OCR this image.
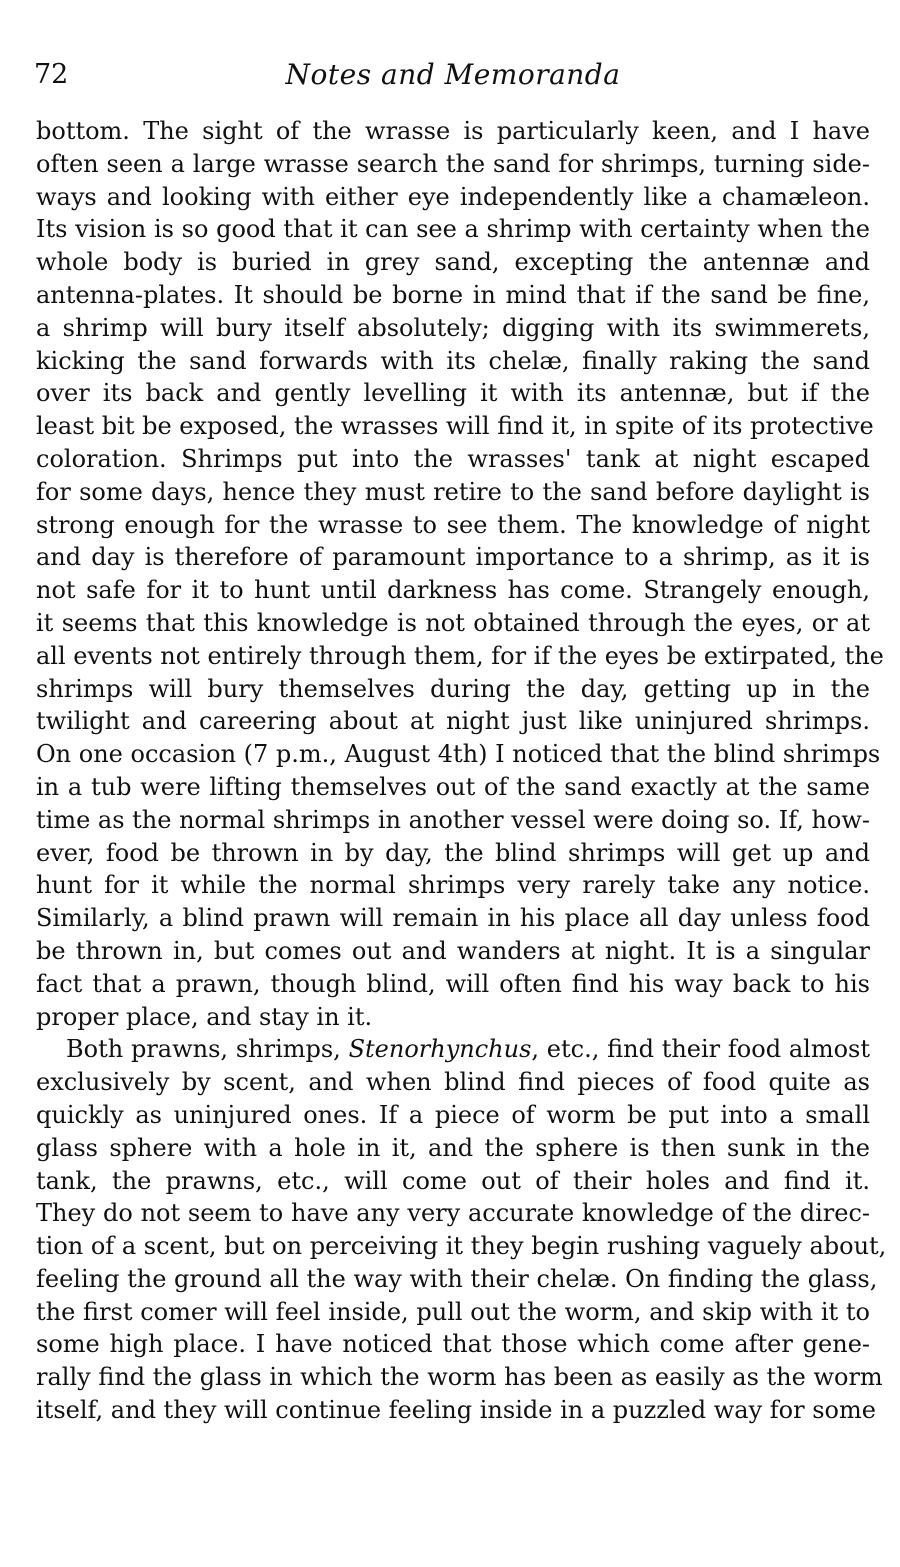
72	Notes and Memoranda
bottom. The sight of the wrasse is particularly keen, and I have
often seen a large wrasse search the sand for shrimps, turning side-
ways and looking with either eye independently like a chamæleon.
Its vision is so good that it can see a shrimp with certainty when the
whole body is buried in grey sand, excepting the antennæ and
antenna-plates. It should be borne in mind that if the sand be fine,
a shrimp will bury itself absolutely; digging with its swimmerets,
kicking the sand forwards with its chelæ, finally raking the sand
over its back and gently levelling it with its antennæ, but if the
least bit be exposed, the wrasses will find it, in spite of its protective
coloration. Shrimps put into the wrasses' tank at night escaped
for some days, hence they must retire to the sand before daylight is
strong enough for the wrasse to see them. The knowledge of night
and day is therefore of paramount importance to a shrimp, as it is
not safe for it to hunt until darkness has come. Strangely enough,
it seems that this knowledge is not obtained through the eyes, or at
all events not entirely through them, for if the eyes be extirpated, the
shrimps will bury themselves during the day, getting up in the
twilight and careering about at night just like uninjured shrimps.
On one occasion (7 p.m., August 4th) I noticed that the blind shrimps
in a tub were lifting themselves out of the sand exactly at the same
time as the normal shrimps in another vessel were doing so. If, how-
ever, food be thrown in by day, the blind shrimps will get up and
hunt for it while the normal shrimps very rarely take any notice.
Similarly, a blind prawn will remain in his place all day unless food
be thrown in, but comes out and wanders at night. It is a singular
fact that a prawn, though blind, will often find his way back to his
proper place, and stay in it.
Both prawns, shrimps, Stenorhynchus, etc., find their food almost
exclusively by scent, and when blind find pieces of food quite as
quickly as uninjured ones. If a piece of worm be put into a small
glass sphere with a hole in it, and the sphere is then sunk in the
tank, the prawns, etc., will come out of their holes and find it.
They do not seem to have any very accurate knowledge of the direc-
tion of a scent, but on perceiving it they begin rushing vaguely about,
feeling the ground all the way with their chelæ. On finding the glass,
the first comer will feel inside, pull out the worm, and skip with it to
some high place. I have noticed that those which come after gene-
rally find the glass in which the worm has been as easily as the worm
itself, and they will continue feeling inside in a puzzled way for some
